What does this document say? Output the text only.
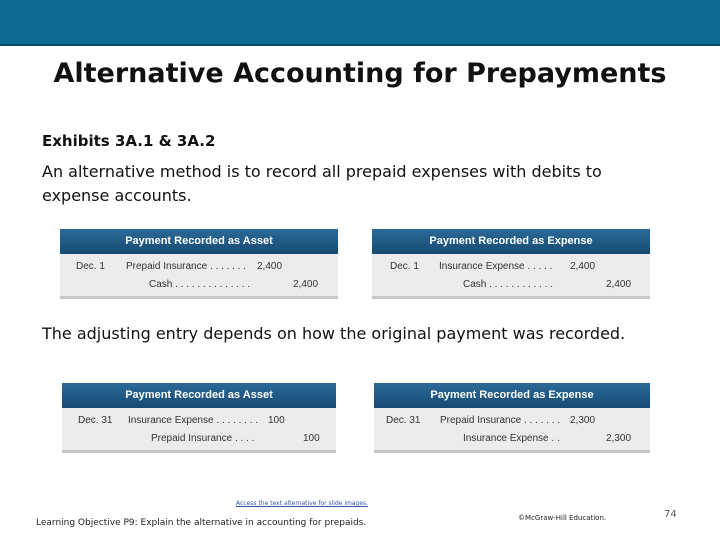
Alternative Accounting for Prepayments
Exhibits 3A.1 & 3A.2
An alternative method is to record all prepaid expenses with debits to expense accounts.
Payment Recorded as Asset
Dec. 1 Prepaid Insurance . . . . . . . 2,400
Cash . . . . . . . . . . . . . .	2,400
Payment Recorded as Expense
Dec. 1 Insurance Expense . . . . . 2,400
Cash . . . . . . . . . . . .	2,400
The adjusting entry depends on how the original payment was recorded.
Payment Recorded as Asset
Dec. 31 Insurance Expense . . . . . . . . 100
Prepaid Insurance . . . .	100
Payment Recorded as Expense
Dec. 31 Prepaid Insurance . . . . . . . 2,300
Insurance Expense . .	2,300
Access the text alternative for slide images.
Learning Objective P9: Explain the alternative in accounting for prepaids.	©McGraw-Hill Education.	74
